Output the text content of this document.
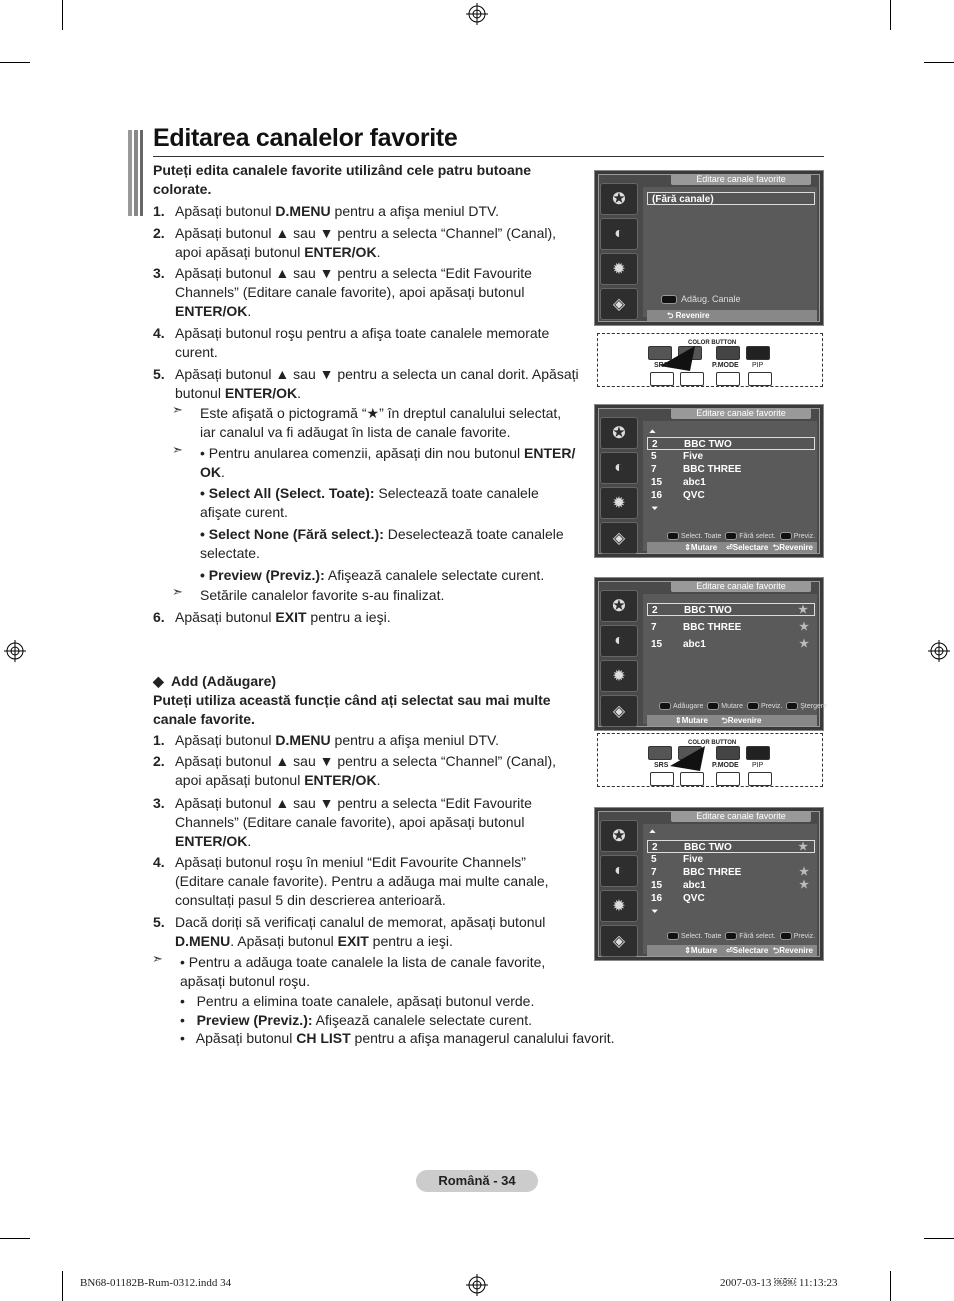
Editarea canalelor favorite
Puteți edita canalele favorite utilizând cele patru butoane colorate.
1. Apăsați butonul D.MENU pentru a afişa meniul DTV.
2. Apăsați butonul ▲ sau ▼ pentru a selecta “Channel” (Canal), apoi apăsați butonul ENTER/OK.
3. Apăsați butonul ▲ sau ▼ pentru a selecta “Edit Favourite Channels” (Editare canale favorite), apoi apăsați butonul ENTER/OK.
4. Apăsați butonul roşu pentru a afişa toate canalele memorate curent.
5. Apăsați butonul ▲ sau ▼ pentru a selecta un canal dorit. Apăsați butonul ENTER/OK.
➣ Este afişată o pictogramă “★” în dreptul canalului selectat, iar canalul va fi adăugat în lista de canale favorite.
➣ • Pentru anularea comenzii, apăsați din nou butonul ENTER/ OK.
• Select All (Select. Toate): Selectează toate canalele afişate curent.
• Select None (Fără select.): Deselectează toate canalele selectate.
• Preview (Previz.): Afişează canalele selectate curent.
➣ Setările canalelor favorite s-au finalizat.
6. Apăsați butonul EXIT pentru a ieşi.
◆  Add (Adăugare)
Puteți utiliza această funcție când ați selectat sau mai multe canale favorite.
1. Apăsați butonul D.MENU pentru a afişa meniul DTV.
2. Apăsați butonul ▲ sau ▼ pentru a selecta “Channel” (Canal), apoi apăsați butonul ENTER/OK.
3. Apăsați butonul ▲ sau ▼ pentru a selecta “Edit Favourite Channels” (Editare canale favorite), apoi apăsați butonul ENTER/OK.
4. Apăsați butonul roşu în meniul “Edit Favourite Channels” (Editare canale favorite). Pentru a adăuga mai multe canale, consultați pasul 5 din descrierea anterioară.
5. Dacă doriți să verificați canalul de memorat, apăsați butonul D.MENU. Apăsați butonul EXIT pentru a ieşi.
➣ • Pentru a adăuga toate canalele la lista de canale favorite, apăsați butonul roşu.
•   Pentru a elimina toate canalele, apăsați butonul verde.
•   Preview (Previz.): Afişează canalele selectate curent.
•   Apăsați butonul CH LIST pentru a afişa managerul canalului favorit.
✪
◐
✹
◈
Editare canale favorite
(Fără canale)
Adăug. Canale
⮌ Revenire
COLOR BUTTON
SRS	P.MODE PIP
✪
◐
✹
◈
Editare canale favorite
⏶
2	BBC TWO
5	Five
7	BBC THREE
15 abc1
16 QVC
⏷
Select. Toate	Fără select.	Previz.
⇕Mutare    ⏎Selectare  ⮌Revenire
✪
◐
✹
◈
Editare canale favorite
2	BBC TWO	★
7	BBC THREE	★
15 abc1	★
Adăugare	Mutare	Previz.	Ştergere
⇕Mutare      ⮌Revenire
COLOR BUTTON
SRS	P.MODE PIP
✪
◐
✹
◈
Editare canale favorite
⏶
2	BBC TWO	★
5	Five
7	BBC THREE	★
15 abc1	★
16 QVC
⏷
Select. Toate	Fără select.	Previz.
⇕Mutare    ⏎Selectare  ⮌Revenire
Română - 34
BN68-01182B-Rum-0312.indd 34	2007-03-13 ￼￼ 11:13:23
